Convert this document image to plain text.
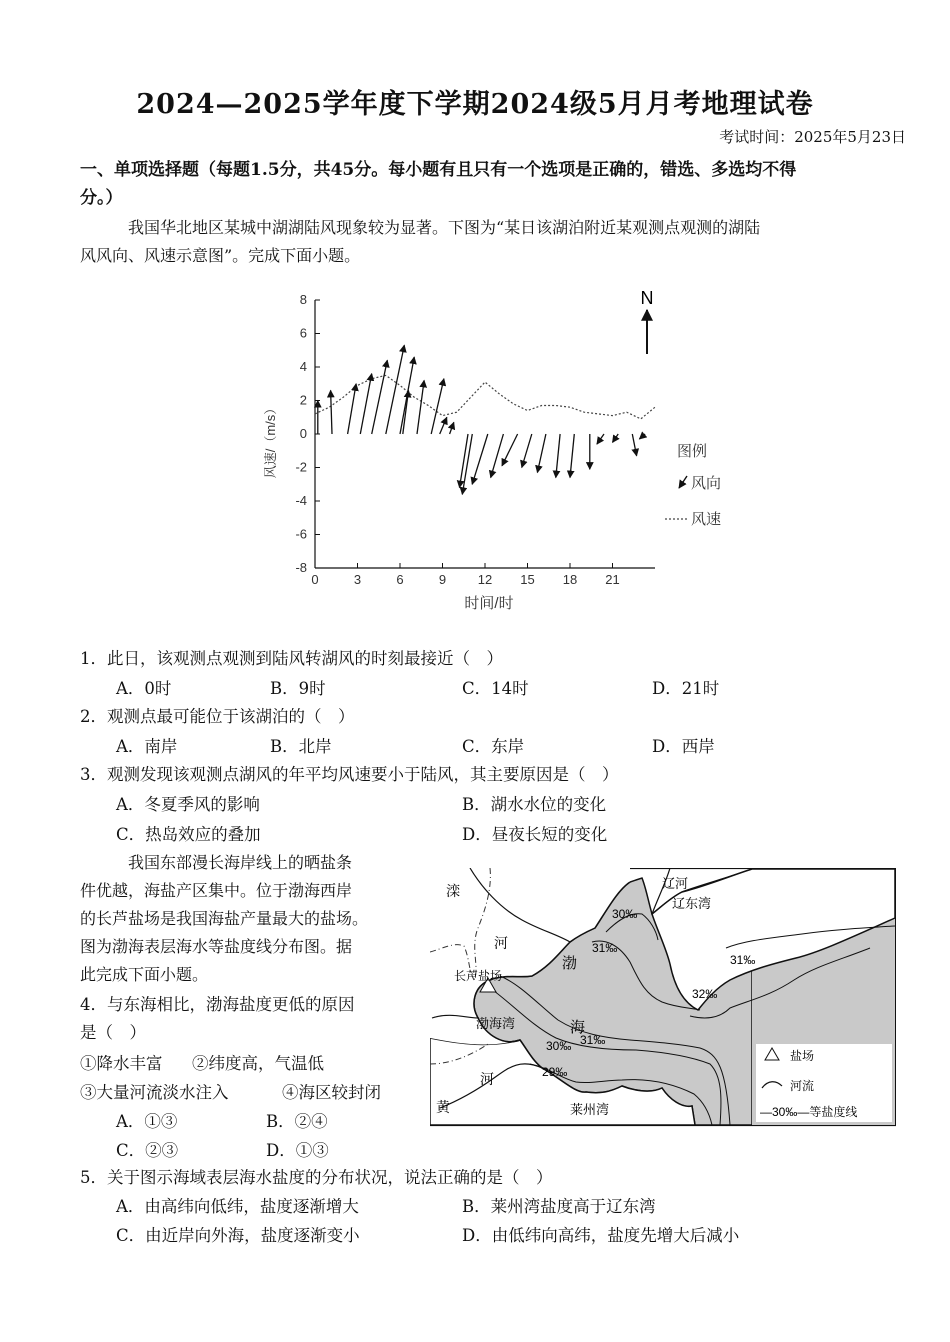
2024—2025学年度下学期2024级5月月考地理试卷
考试时间：2025年5月23日
一、单项选择题（每题1.5分，共45分。每小题有且只有一个选项是正确的，错选、多选均不得
分。）
我国华北地区某城中湖湖陆风现象较为显著。下图为“某日该湖泊附近某观测点观测的湖陆
风风向、风速示意图”。完成下面小题。
8
6
4
2
0
-2
-4
-6
-8
0	3	6	9 12 15 18 21
风速/（m/s）
时间/时
N
图例
风向
风速
1．此日，该观测点观测到陆风转湖风的时刻最接近（　）
A．0时	B．9时	C．14时	D．21时
2．观测点最可能位于该湖泊的（　）
A．南岸	B．北岸	C．东岸	D．西岸
3．观测发现该观测点湖风的年平均风速要小于陆风，其主要原因是（　）
A．冬夏季风的影响	B．湖水水位的变化
C．热岛效应的叠加	D．昼夜长短的变化
我国东部漫长海岸线上的晒盐条
件优越，海盐产区集中。位于渤海西岸
的长芦盐场是我国海盐产量最大的盐场。
图为渤海表层海水等盐度线分布图。据
此完成下面小题。
4．与东海相比，渤海盐度更低的原因
是（　）
①降水丰富 ②纬度高，气温低
③大量河流淡水注入	④海区较封闭
A．①③	B．②④
C．②③	D．①③
滦
河
长芦盐场
辽河
辽东湾
渤
海
渤海湾
河
黄	莱州湾
30‰
31‰
31‰
32‰
31‰
30‰
29‰
盐场
河流
—30‰—等盐度线
5．关于图示海域表层海水盐度的分布状况，说法正确的是（　）
A．由高纬向低纬，盐度逐渐增大	B．莱州湾盐度高于辽东湾
C．由近岸向外海，盐度逐渐变小	D．由低纬向高纬，盐度先增大后减小
